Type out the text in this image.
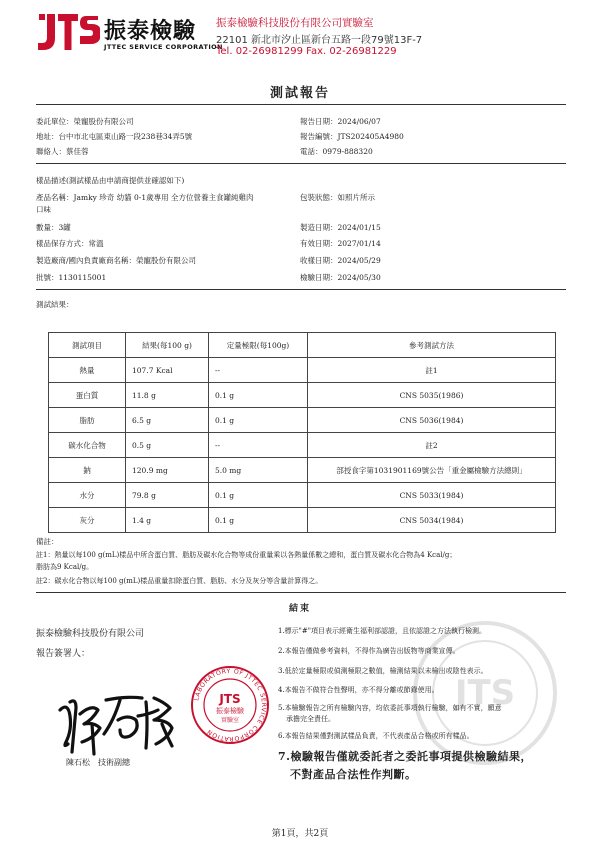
振泰檢驗
JTTEC SERVICE CORPORATION
振泰檢驗科技股份有限公司實驗室
22101 新北市汐止區新台五路一段79號13F-7
Tel. 02-26981299 Fax. 02-26981229
測試報告
委託單位：榮寵股份有限公司	報告日期：2024/06/07
地址：台中市北屯區東山路一段238巷34弄5號	報告編號：JTS202405A4980
聯絡人：蔡佳蓉	電話：0979-888320
樣品描述(測試樣品由申請商提供並確認如下)
產品名稱：Jamky 珍奇 幼貓 0-1歲專用 全方位營養主食罐純雞肉
口味
包裝狀態：如照片所示
數量：3罐	製造日期：2024/01/15
樣品保存方式：常溫	有效日期：2027/01/14
製造廠商/國內負責廠商名稱：榮寵股份有限公司	收樣日期：2024/05/29
批號：1130115001	檢驗日期：2024/05/30
測試結果：
測試項目	結果(每100 g)	定量極限(每100g)	參考測試方法
熱量	107.7 Kcal	--	註1
蛋白質	11.8 g	0.1 g	CNS 5035(1986)
脂肪	6.5 g	0.1 g	CNS 5036(1984)
碳水化合物	0.5 g	--	註2
鈉	120.9 mg	5.0 mg	部授食字第1031901169號公告「重金屬檢驗方法總則」
水分	79.8 g	0.1 g	CNS 5033(1984)
灰分	1.4 g	0.1 g	CNS 5034(1984)
備註：
註1：熱量以每100 g(mL)樣品中所含蛋白質、脂肪及碳水化合物等成份重量乘以各熱量係數之總和，蛋白質及碳水化合物為4 Kcal/g；
脂肪為9 Kcal/g。
註2：碳水化合物以每100 g(mL)樣品重量扣除蛋白質、脂肪、水分及灰分等含量計算得之。
結束
振泰檢驗科技股份有限公司
報告簽署人：
JTS
陳石松　技術副總
LABORATORY OF JTTEC SERVICE CORPORATION
JTS
振泰檢驗
實驗室
1.標示"#"項目表示經衛生福利部認證，且依認證之方法執行檢測。
2.本報告僅做參考資料，不得作為廣告出版物等商業宣傳。
3.低於定量極限或偵測極限之數值，檢測結果以未檢出或陰性表示。
4.本報告不做符合性聲明，亦不得分離或節錄使用。
5.本檢驗報告之所有檢驗內容，均依委託事項執行檢驗，如有不實，願意
承擔完全責任。
6.本報告結果僅對測試樣品負責，不代表產品合格或所有樣品。
7.檢驗報告僅就委託者之委託事項提供檢驗結果，
不對產品合法性作判斷。
第1頁，共2頁
